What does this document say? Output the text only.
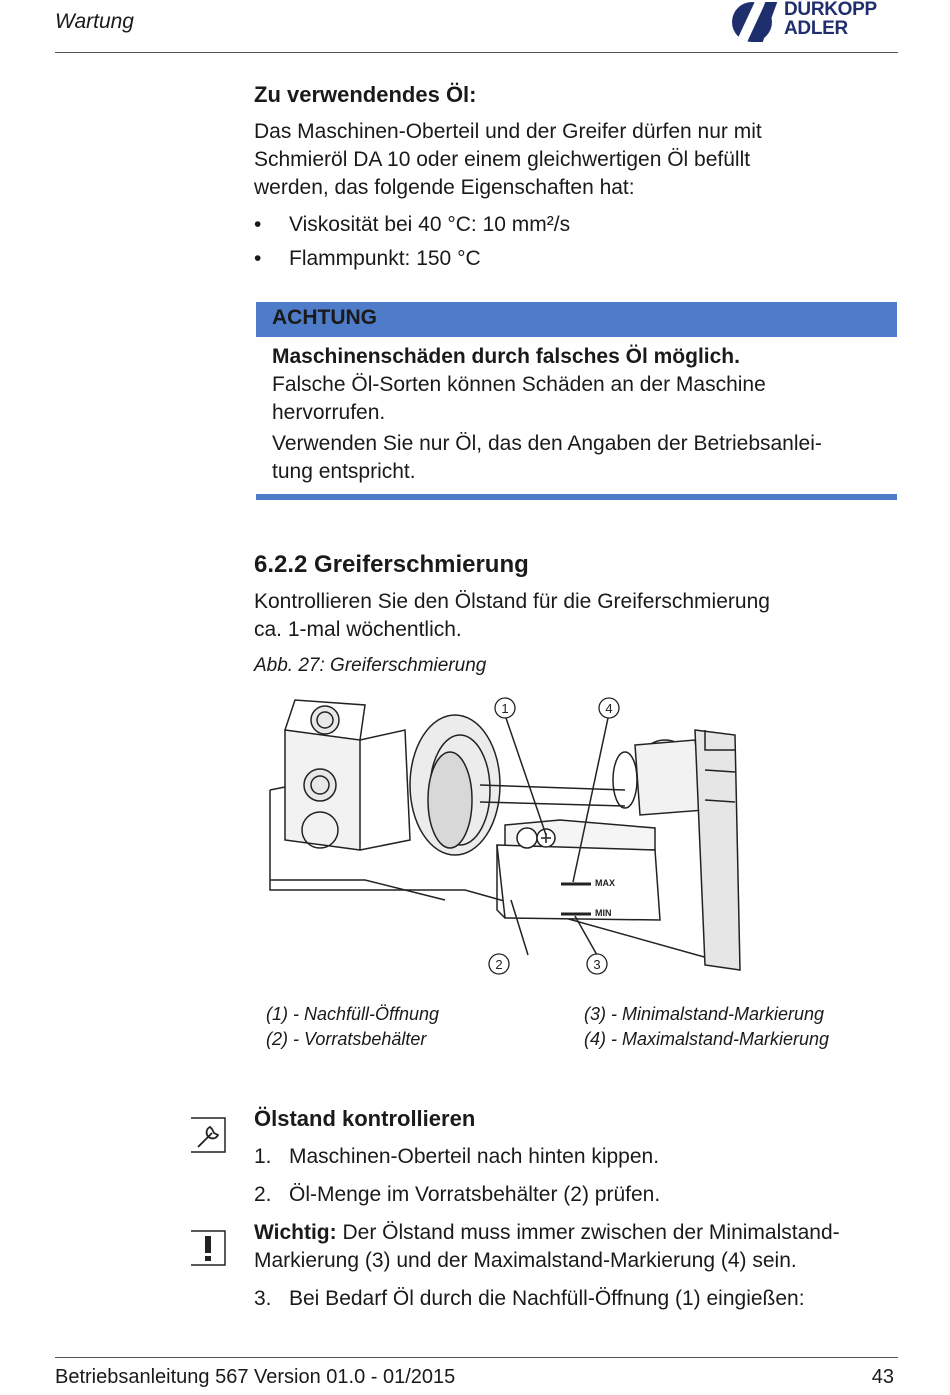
Wartung
DÜRKOPP
ADLER
Zu verwendendes Öl:
Das Maschinen-Oberteil und der Greifer dürfen nur mit
Schmieröl DA 10 oder einem gleichwertigen Öl befüllt
werden, das folgende Eigenschaften hat:
• Viskosität bei 40 °C: 10 mm²/s
• Flammpunkt: 150 °C
ACHTUNG
Maschinenschäden durch falsches Öl möglich.
Falsche Öl-Sorten können Schäden an der Maschine
hervorrufen.
Verwenden Sie nur Öl, das den Angaben der Betriebsanlei-
tung entspricht.
6.2.2 Greiferschmierung
Kontrollieren Sie den Ölstand für die Greiferschmierung
ca. 1-mal wöchentlich.
Abb. 27: Greiferschmierung
1	4
2	3
MAX
MIN
(1) - Nachfüll-Öffnung
(2) - Vorratsbehälter
(3) - Minimalstand-Markierung
(4) - Maximalstand-Markierung
Ölstand kontrollieren
1. Maschinen-Oberteil nach hinten kippen.
2. Öl-Menge im Vorratsbehälter (2) prüfen.
Wichtig: Der Ölstand muss immer zwischen der Minimalstand-
Markierung (3) und der Maximalstand-Markierung (4) sein.
3. Bei Bedarf Öl durch die Nachfüll-Öffnung (1) eingießen:
Betriebsanleitung 567 Version 01.0 - 01/2015	43
